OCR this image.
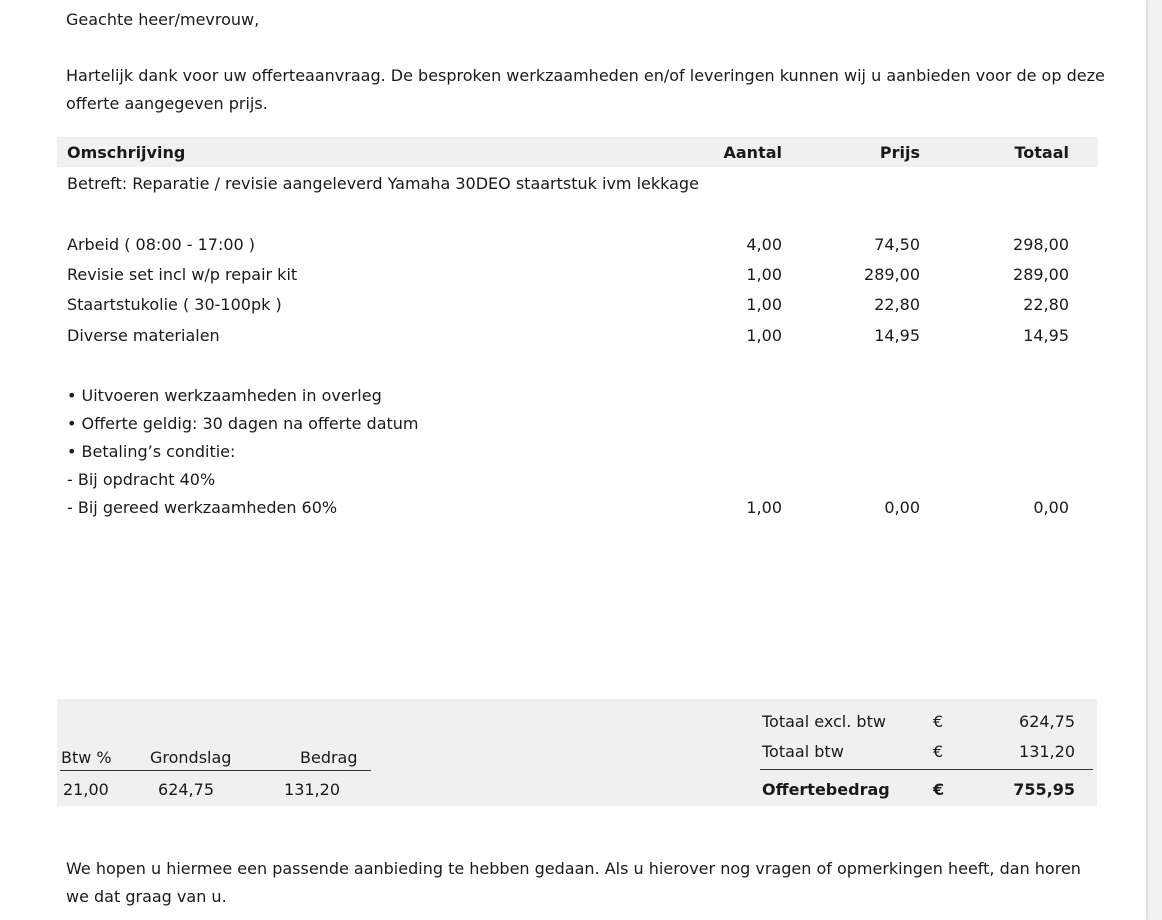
Geachte heer/mevrouw,
Hartelijk dank voor uw offerteaanvraag. De besproken werkzaamheden en/of leveringen kunnen wij u aanbieden voor de op deze offerte aangegeven prijs.
Omschrijving	Aantal	Prijs	Totaal
Betreft: Reparatie / revisie aangeleverd Yamaha 30DEO staartstuk ivm lekkage
Arbeid ( 08:00 - 17:00 )	4,00	74,50	298,00
Revisie set incl w/p repair kit	1,00	289,00	289,00
Staartstukolie ( 30-100pk )	1,00	22,80	22,80
Diverse materialen	1,00	14,95	14,95
• Uitvoeren werkzaamheden in overleg
• Offerte geldig: 30 dagen na offerte datum
• Betaling’s conditie:
- Bij opdracht 40%
- Bij gereed werkzaamheden 60%	1,00	0,00	0,00
Btw % Grondslag	Bedrag
21,00	624,75	131,20
Totaal excl. btw	€	624,75
Totaal btw	€	131,20
Offertebedrag	€	755,95
We hopen u hiermee een passende aanbieding te hebben gedaan. Als u hierover nog vragen of opmerkingen heeft, dan horen we dat graag van u.
